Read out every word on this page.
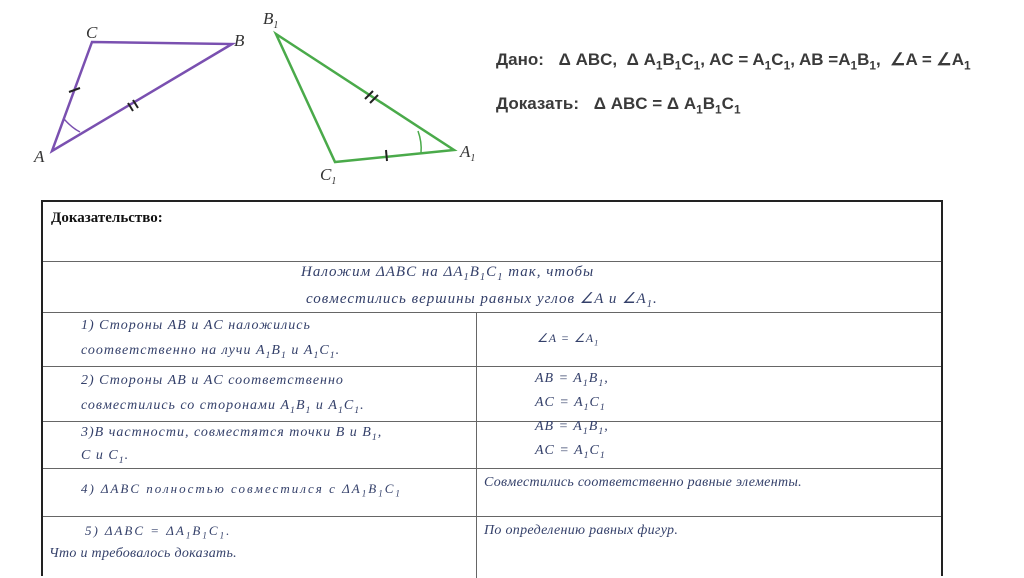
C	B
A
$B_1$
$A_1$
$C_1$
Дано: Δ ABC,  Δ $A_1B_1C_1$, AC = $A_1C_1$, AB $=A_1B_1$,  ∠A = $\angle A_1$
Доказать: Δ ABC = Δ $A_1B_1C_1$
Доказательство:
Наложим ΔABC на $\Delta A_1B_1C_1$ так, чтобы
совместились вершины равных углов ∠A и $\angle A_1$.
1) Стороны AB и AC наложились
соответственно на лучи $A_1B_1$ и $A_1C_1$.
∠A = $\angle A_1$
2) Стороны AB и AC соответственно
совместились со сторонами $A_1B_1$ и $A_1C_1$.
AB = $A_1B_1$,
AC = $A_1C_1$
3)В частности, совместятся точки B и $B_1$,
C и $C_1$.
AB = $A_1B_1$,
AC = $A_1C_1$
4) ΔABC полностью совместился с $\Delta A_1B_1C_1$
Совместились соответственно равные элементы.
5) $\Delta ABC = \Delta A_1B_1C_1$.
Что и требовалось доказать.
По определению равных фигур.
